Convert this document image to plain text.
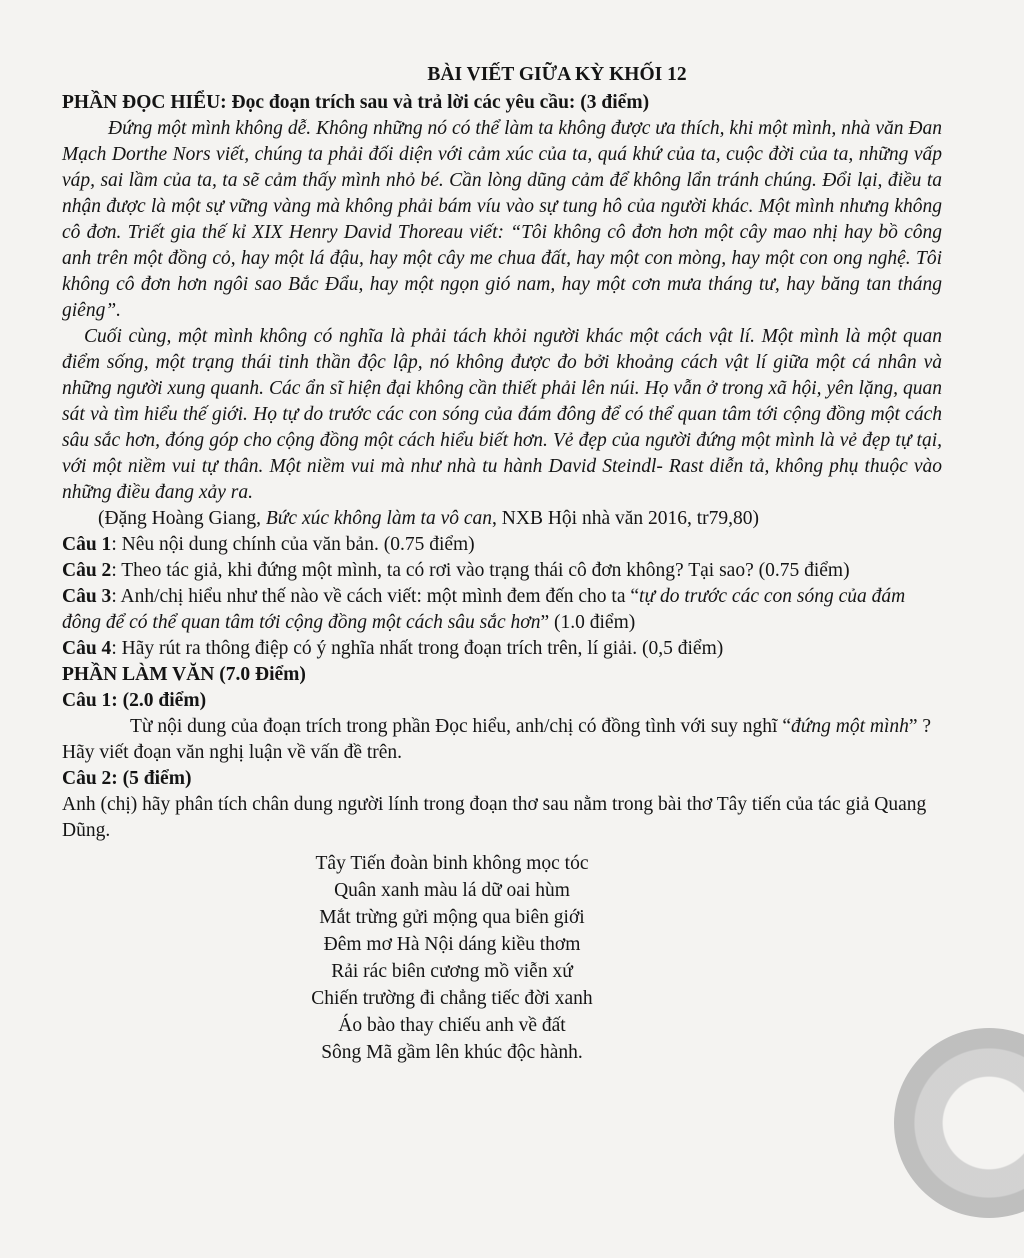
BÀI VIẾT GIỮA KỲ KHỐI 12

PHẦN ĐỌC HIỂU: Đọc đoạn trích sau và trả lời các yêu cầu: (3 điểm)

Đứng một mình không dễ. Không những nó có thể làm ta không được ưa thích, khi một mình, nhà văn Đan Mạch Dorthe Nors viết, chúng ta phải đối diện với cảm xúc của ta, quá khứ của ta, cuộc đời của ta, những vấp váp, sai lầm của ta, ta sẽ cảm thấy mình nhỏ bé. Cần lòng dũng cảm để không lẩn tránh chúng. Đổi lại, điều ta nhận được là một sự vững vàng mà không phải bám víu vào sự tung hô của người khác. Một mình nhưng không cô đơn. Triết gia thế kỉ XIX Henry David Thoreau viết: “Tôi không cô đơn hơn một cây mao nhị hay bồ công anh trên một đồng cỏ, hay một lá đậu, hay một cây me chua đất, hay một con mòng, hay một con ong nghệ. Tôi không cô đơn hơn ngôi sao Bắc Đẩu, hay một ngọn gió nam, hay một cơn mưa tháng tư, hay băng tan tháng giêng”.

Cuối cùng, một mình không có nghĩa là phải tách khỏi người khác một cách vật lí. Một mình là một quan điểm sống, một trạng thái tinh thần độc lập, nó không được đo bởi khoảng cách vật lí giữa một cá nhân và những người xung quanh. Các ẩn sĩ hiện đại không cần thiết phải lên núi. Họ vẫn ở trong xã hội, yên lặng, quan sát và tìm hiểu thế giới. Họ tự do trước các con sóng của đám đông để có thể quan tâm tới cộng đồng một cách sâu sắc hơn, đóng góp cho cộng đồng một cách hiểu biết hơn. Vẻ đẹp của người đứng một mình là vẻ đẹp tự tại, với một niềm vui tự thân. Một niềm vui mà như nhà tu hành David Steindl- Rast diễn tả, không phụ thuộc vào những điều đang xảy ra.

(Đặng Hoàng Giang, Bức xúc không làm ta vô can, NXB Hội nhà văn 2016, tr79,80)

Câu 1: Nêu nội dung chính của văn bản. (0.75 điểm)

Câu 2: Theo tác giả, khi đứng một mình, ta có rơi vào trạng thái cô đơn không? Tại sao? (0.75 điểm)

Câu 3: Anh/chị hiểu như thế nào về cách viết: một mình đem đến cho ta “tự do trước các con sóng của đám đông để có thể quan tâm tới cộng đồng một cách sâu sắc hơn” (1.0 điểm)

Câu 4: Hãy rút ra thông điệp có ý nghĩa nhất trong đoạn trích trên, lí giải. (0,5 điểm)

PHẦN LÀM VĂN (7.0 Điểm)

Câu 1: (2.0 điểm)

Từ nội dung của đoạn trích trong phần Đọc hiểu, anh/chị có đồng tình với suy nghĩ “đứng một mình” ? Hãy viết đoạn văn nghị luận về vấn đề trên.

Câu 2: (5 điểm)

Anh (chị) hãy phân tích chân dung người lính trong đoạn thơ sau nằm trong bài thơ Tây tiến của tác giả Quang Dũng.

Tây Tiến đoàn binh không mọc tóc
Quân xanh màu lá dữ oai hùm
Mắt trừng gửi mộng qua biên giới
Đêm mơ Hà Nội dáng kiều thơm
Rải rác biên cương mồ viễn xứ
Chiến trường đi chẳng tiếc đời xanh
Áo bào thay chiếu anh về đất
Sông Mã gầm lên khúc độc hành.
